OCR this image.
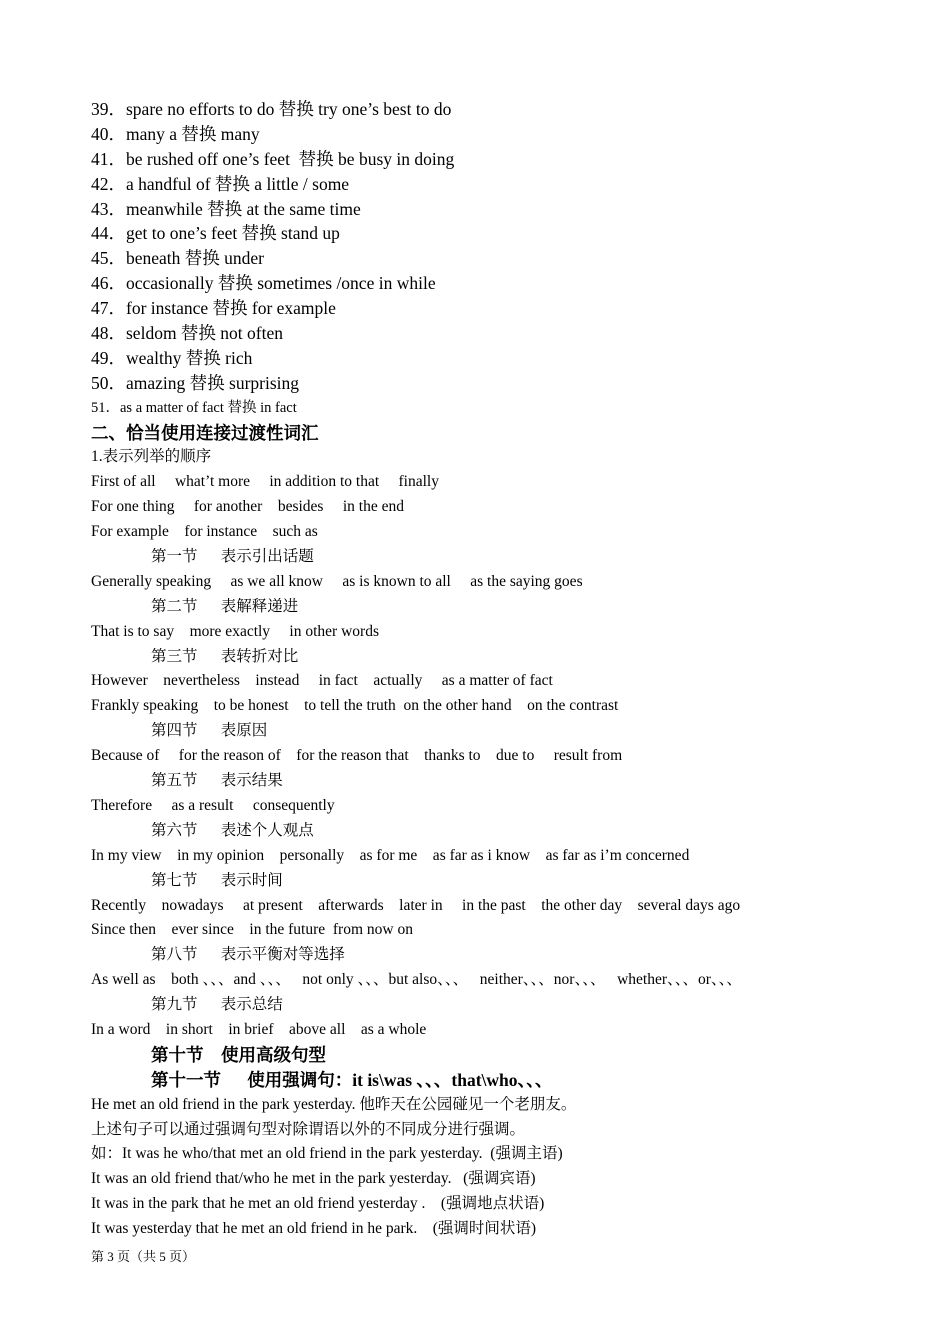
39．spare no efforts to do 替换 try one’s best to do
40．many a 替换 many
41．be rushed off one’s feet  替换 be busy in doing
42．a handful of 替换 a little / some
43．meanwhile 替换 at the same time
44．get to one’s feet 替换 stand up
45．beneath 替换 under
46．occasionally 替换 sometimes /once in while
47．for instance 替换 for example
48．seldom 替换 not often
49．wealthy 替换 rich
50．amazing 替换 surprising
51．as a matter of fact 替换 in fact
二、恰当使用连接过渡性词汇
1.表示列举的顺序
First of all     what’t more     in addition to that     finally
For one thing     for another    besides     in the end
For example    for instance    such as
第一节      表示引出话题
Generally speaking     as we all know     as is known to all     as the saying goes
第二节      表解释递进
That is to say    more exactly     in other words
第三节      表转折对比
However    nevertheless    instead     in fact    actually     as a matter of fact
Frankly speaking    to be honest    to tell the truth  on the other hand    on the contrast
第四节      表原因
Because of     for the reason of    for the reason that    thanks to    due to     result from
第五节      表示结果
Therefore     as a result     consequently
第六节      表述个人观点
In my view    in my opinion    personally    as for me    as far as i know    as far as i’m concerned
第七节      表示时间
Recently    nowadays     at present    afterwards    later in     in the past    the other day    several days ago
Since then    ever since    in the future  from now on
第八节      表示平衡对等选择
As well as    both 、、、and 、、、   not only 、、、but also、、、   neither、、、nor、、、   whether、、、or、、、
第九节      表示总结
In a word    in short    in brief    above all    as a whole
第十节    使用高级句型
第十一节      使用强调句：it is\was 、、、that\who、、、
He met an old friend in the park yesterday. 他昨天在公园碰见一个老朋友。
上述句子可以通过强调句型对除谓语以外的不同成分进行强调。
如：It was he who/that met an old friend in the park yesterday.  (强调主语)
It was an old friend that/who he met in the park yesterday.   (强调宾语)
It was in the park that he met an old friend yesterday .    (强调地点状语)
It was yesterday that he met an old friend in he park.    (强调时间状语)
第 3 页（共 5 页）
